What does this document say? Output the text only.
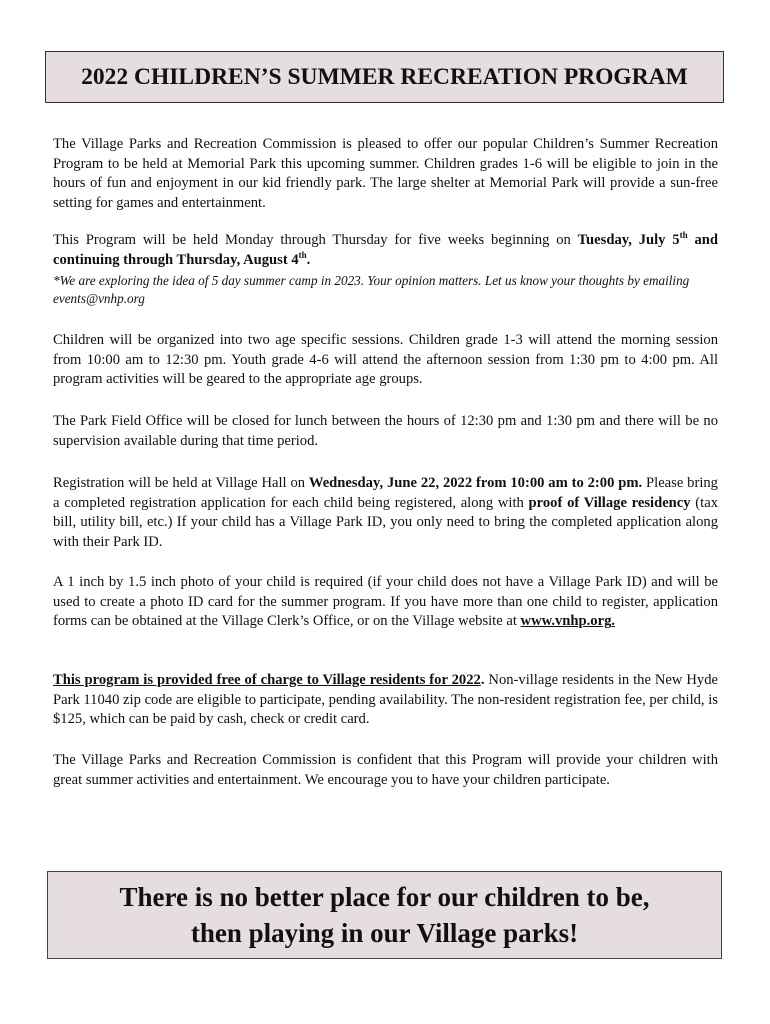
2022 CHILDREN’S SUMMER RECREATION PROGRAM

The Village Parks and Recreation Commission is pleased to offer our popular Children’s Summer Recreation Program to be held at Memorial Park this upcoming summer. Children grades 1-6 will be eligible to join in the hours of fun and enjoyment in our kid friendly park. The large shelter at Memorial Park will provide a sun-free setting for games and entertainment.

This Program will be held Monday through Thursday for five weeks beginning on Tuesday, July 5th and continuing through Thursday, August 4th.

*We are exploring the idea of 5 day summer camp in 2023. Your opinion matters. Let us know your thoughts by emailing events@vnhp.org

Children will be organized into two age specific sessions. Children grade 1-3 will attend the morning session from 10:00 am to 12:30 pm. Youth grade 4-6 will attend the afternoon session from 1:30 pm to 4:00 pm. All program activities will be geared to the appropriate age groups.

The Park Field Office will be closed for lunch between the hours of 12:30 pm and 1:30 pm and there will be no supervision available during that time period.

Registration will be held at Village Hall on Wednesday, June 22, 2022 from 10:00 am to 2:00 pm. Please bring a completed registration application for each child being registered, along with proof of Village residency (tax bill, utility bill, etc.) If your child has a Village Park ID, you only need to bring the completed application along with their Park ID.

A 1 inch by 1.5 inch photo of your child is required (if your child does not have a Village Park ID) and will be used to create a photo ID card for the summer program. If you have more than one child to register, application forms can be obtained at the Village Clerk’s Office, or on the Village website at www.vnhp.org.

This program is provided free of charge to Village residents for 2022. Non-village residents in the New Hyde Park 11040 zip code are eligible to participate, pending availability. The non-resident registration fee, per child, is $125, which can be paid by cash, check or credit card.

The Village Parks and Recreation Commission is confident that this Program will provide your children with great summer activities and entertainment. We encourage you to have your children participate.

There is no better place for our children to be,
then playing in our Village parks!
